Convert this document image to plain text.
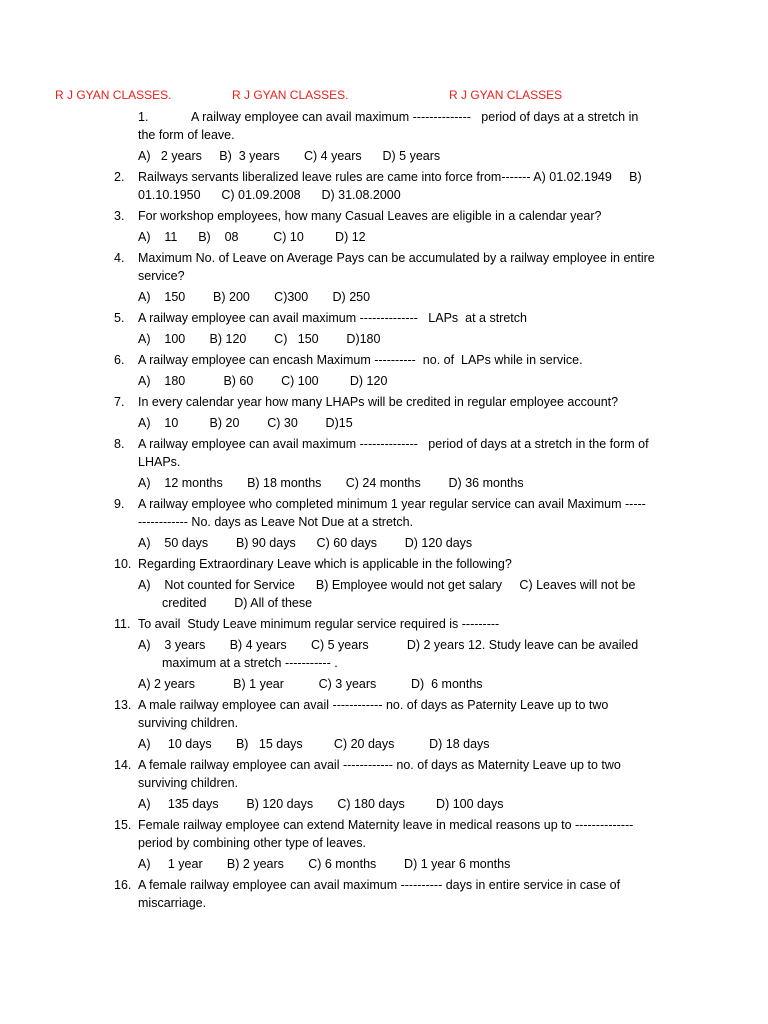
R J GYAN CLASSES.	R J GYAN CLASSES.	R J GYAN CLASSES
1.	A railway employee can avail maximum --------------   period of days at a stretch in
the form of leave.
A)   2 years     B)  3 years       C) 4 years      D) 5 years
2.	Railways servants liberalized leave rules are came into force from------- A) 01.02.1949     B)
01.10.1950      C) 01.09.2008      D) 31.08.2000
3.	For workshop employees, how many Casual Leaves are eligible in a calendar year?
A)    11      B)    08          C) 10         D) 12
4.	Maximum No. of Leave on Average Pays can be accumulated by a railway employee in entire
service?
A)    150        B) 200       C)300       D) 250
5.	A railway employee can avail maximum --------------   LAPs  at a stretch
A)    100       B) 120        C)   150        D)180
6.	A railway employee can encash Maximum ----------  no. of  LAPs while in service.
A)    180           B) 60        C) 100         D) 120
7.	In every calendar year how many LHAPs will be credited in regular employee account?
A)    10         B) 20        C) 30        D)15
8.	A railway employee can avail maximum --------------   period of days at a stretch in the form of
LHAPs.
A)    12 months       B) 18 months       C) 24 months        D) 36 months
9.	A railway employee who completed minimum 1 year regular service can avail Maximum -----
------------ No. days as Leave Not Due at a stretch.
A)    50 days        B) 90 days      C) 60 days        D) 120 days
10. Regarding Extraordinary Leave which is applicable in the following?
A)    Not counted for Service      B) Employee would not get salary     C) Leaves will not be
credited        D) All of these
11. To avail  Study Leave minimum regular service required is ---------
A)    3 years       B) 4 years       C) 5 years           D) 2 years 12. Study leave can be availed
maximum at a stretch ----------- .
A) 2 years           B) 1 year          C) 3 years          D)  6 months
13. A male railway employee can avail ------------ no. of days as Paternity Leave up to two
surviving children.
A)     10 days       B)   15 days         C) 20 days          D) 18 days
14. A female railway employee can avail ------------ no. of days as Maternity Leave up to two
surviving children.
A)     135 days        B) 120 days       C) 180 days         D) 100 days
15. Female railway employee can extend Maternity leave in medical reasons up to --------------
period by combining other type of leaves.
A)     1 year       B) 2 years       C) 6 months        D) 1 year 6 months
16. A female railway employee can avail maximum ---------- days in entire service in case of
miscarriage.
